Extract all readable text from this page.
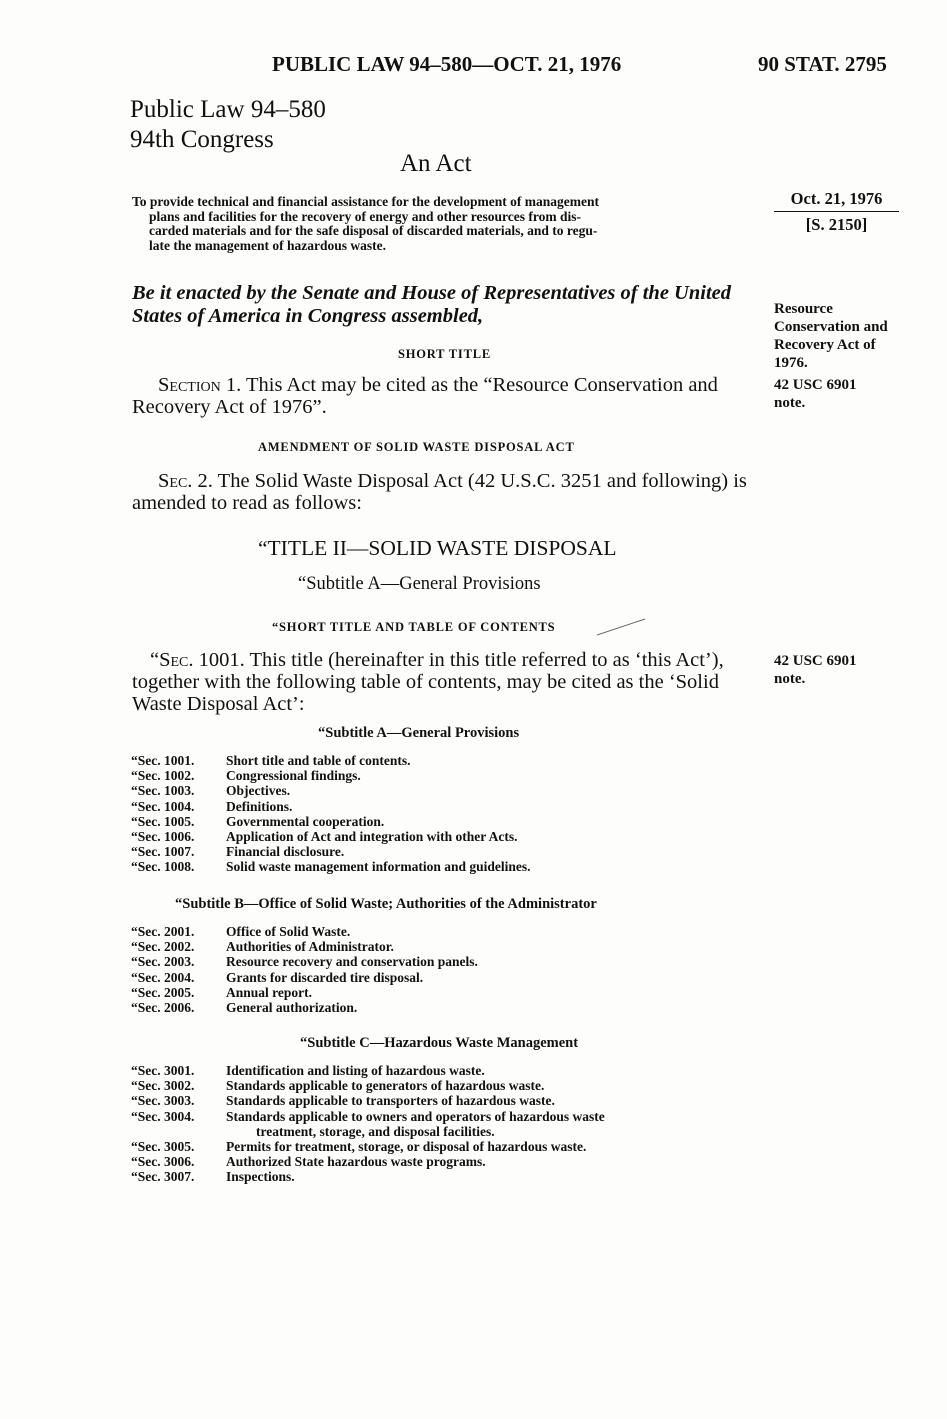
PUBLIC LAW 94–580—OCT. 21, 1976	90 STAT. 2795
Public Law 94–580
94th Congress
An Act
To provide technical and financial assistance for the development of management
plans and facilities for the recovery of energy and other resources from dis-
carded materials and for the safe disposal of discarded materials, and to regu-
late the management of hazardous waste.
Oct. 21, 1976
[S. 2150]
Resource Conservation and Recovery Act of 1976.
42 USC 6901 note.
42 USC 6901 note.
Be it enacted by the Senate and House of Representatives of the United States of America in Congress assembled,
SHORT TITLE
Section 1. This Act may be cited as the “Resource Conservation and Recovery Act of 1976”.
AMENDMENT OF SOLID WASTE DISPOSAL ACT
Sec. 2. The Solid Waste Disposal Act (42 U.S.C. 3251 and following) is amended to read as follows:
“TITLE II—SOLID WASTE DISPOSAL
“Subtitle A—General Provisions
“SHORT TITLE AND TABLE OF CONTENTS
“Sec. 1001. This title (hereinafter in this title referred to as ‘this Act’), together with the following table of contents, may be cited as the ‘Solid Waste Disposal Act’:
“Subtitle A—General Provisions
“Sec. 1001. Short title and table of contents.
“Sec. 1002. Congressional findings.
“Sec. 1003. Objectives.
“Sec. 1004. Definitions.
“Sec. 1005. Governmental cooperation.
“Sec. 1006. Application of Act and integration with other Acts.
“Sec. 1007. Financial disclosure.
“Sec. 1008. Solid waste management information and guidelines.
“Subtitle B—Office of Solid Waste; Authorities of the Administrator
“Sec. 2001. Office of Solid Waste.
“Sec. 2002. Authorities of Administrator.
“Sec. 2003. Resource recovery and conservation panels.
“Sec. 2004. Grants for discarded tire disposal.
“Sec. 2005. Annual report.
“Sec. 2006. General authorization.
“Subtitle C—Hazardous Waste Management
“Sec. 3001. Identification and listing of hazardous waste.
“Sec. 3002. Standards applicable to generators of hazardous waste.
“Sec. 3003. Standards applicable to transporters of hazardous waste.
“Sec. 3004. Standards applicable to owners and operators of hazardous waste
treatment, storage, and disposal facilities.
“Sec. 3005. Permits for treatment, storage, or disposal of hazardous waste.
“Sec. 3006. Authorized State hazardous waste programs.
“Sec. 3007. Inspections.
